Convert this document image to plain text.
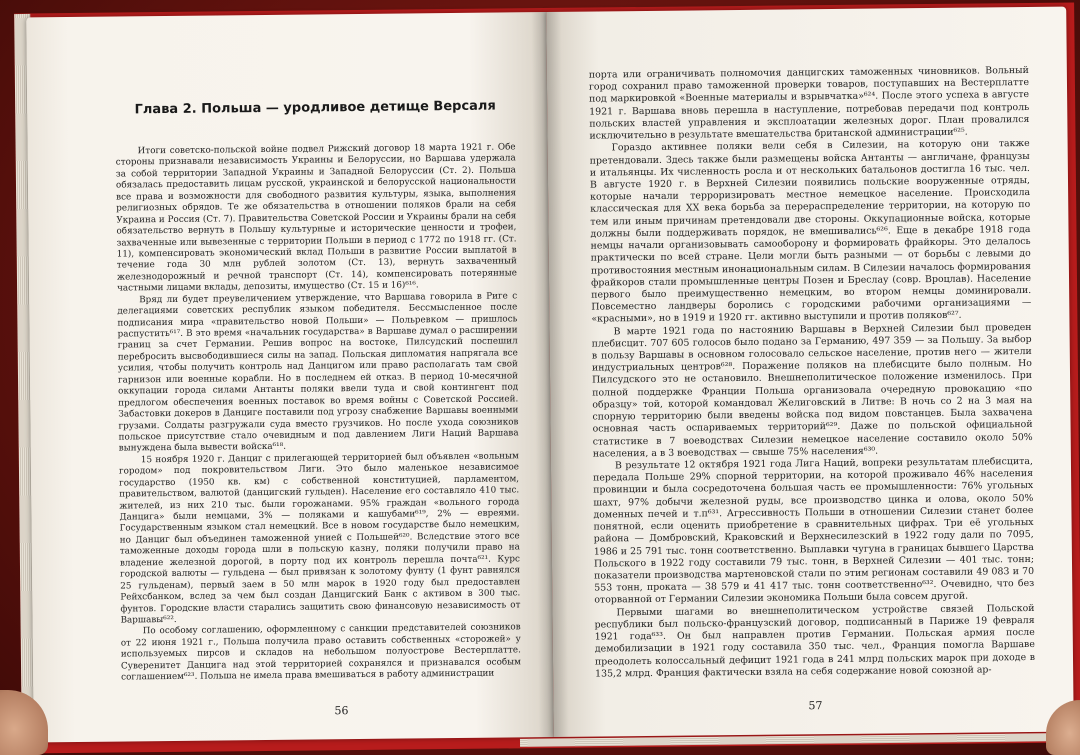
Глава 2. Польша — уродливое детище Версаля

Итоги советско-польской войне подвел Рижский договор 18 марта 1921 г. Обе стороны признавали независимость Украины и Белоруссии, но Варшава удержала за собой территории Западной Украины и Западной Белоруссии (Ст. 2). Польша обязалась предоставить лицам русской, украинской и белорусской национальности все права и возможности для свободного развития культуры, языка, выполнения религиозных обрядов. Те же обязательства в отношении поляков брали на себя Украина и Россия (Ст. 7). Правительства Советской России и Украины брали на себя обязательство вернуть в Польшу культурные и исторические ценности и трофеи, захваченные или вывезенные с территории Польши в период с 1772 по 1918 гг. (Ст. 11), компенсировать экономический вклад Польши в развитие России выплатой в течение года 30 млн рублей золотом (Ст. 13), вернуть захваченный железнодорожный и речной транспорт (Ст. 14), компенсировать потерянные частными лицами вклады, депозиты, имущество (Ст. 15 и 16)⁶¹⁶.

Вряд ли будет преувеличением утверждение, что Варшава говорила в Риге с делегациями советских республик языком победителя. Бессмысленное после подписания мира «правительство новой Польши» — Польревком — пришлось распустить⁶¹⁷. В это время «начальник государства» в Варшаве думал о расширении границ за счет Германии. Решив вопрос на востоке, Пилсудский поспешил перебросить высвободившиеся силы на запад. Польская дипломатия напрягала все усилия, чтобы получить контроль над Данцигом или право располагать там свой гарнизон или военные корабли. Но в последнем ей отказ. В период 10-месячной оккупации города силами Антанты поляки ввели туда и свой контингент под предлогом обеспечения военных поставок во время войны с Советской Россией. Забастовки докеров в Данциге поставили под угрозу снабжение Варшавы военными грузами. Солдаты разгружали суда вместо грузчиков. Но после ухода союзников польское присутствие стало очевидным и под давлением Лиги Наций Варшава вынуждена была вывести войска⁶¹⁸.

15 ноября 1920 г. Данциг с прилегающей территорией был объявлен «вольным городом» под покровительством Лиги. Это было маленькое независимое государство (1950 кв. км) с собственной конституцией, парламентом, правительством, валютой (данцигский гульден). Население его составляло 410 тыс. жителей, из них 210 тыс. были горожанами. 95% граждан «вольного города Данцига» были немцами, 3% — поляками и кашубами⁶¹⁹, 2% — евреями. Государственным языком стал немецкий. Все в новом государстве было немецким, но Данциг был объединен таможенной унией с Польшей⁶²⁰. Вследствие этого все таможенные доходы города шли в польскую казну, поляки получили право на владение железной дорогой, в порту под их контроль перешла почта⁶²¹. Курс городской валюты — гульдена — был привязан к золотому фунту (1 фунт равнялся 25 гульденам), первый заем в 50 млн марок в 1920 году был предоставлен Рейхсбанком, вслед за чем был создан Данцигский Банк с активом в 300 тыс. фунтов. Городские власти старались защитить свою финансовую независимость от Варшавы⁶²².

По особому соглашению, оформленному с санкции представителей союзников от 22 июня 1921 г., Польша получила право оставить собственных «сторожей» у используемых пирсов и складов на небольшом полуострове Вестерплатте. Суверенитет Данцига над этой территорией сохранялся и признавался особым соглашением⁶²³. Польша не имела права вмешиваться в работу администрации

56

порта или ограничивать полномочия данцигских таможенных чиновников. Вольный город сохранил право таможенной проверки товаров, поступавших на Вестерплатте под маркировкой «Военные материалы и взрывчатка»⁶²⁴. После этого успеха в августе 1921 г. Варшава вновь перешла в наступление, потребовав передачи под контроль польских властей управления и эксплоатации железных дорог. План провалился исключительно в результате вмешательства британской администрации⁶²⁵.

Гораздо активнее поляки вели себя в Силезии, на которую они также претендовали. Здесь также были размещены войска Антанты — англичане, французы и итальянцы. Их численность росла и от нескольких батальонов достигла 16 тыс. чел. В августе 1920 г. в Верхней Силезии появились польские вооруженные отряды, которые начали терроризировать местное немецкое население. Происходила классическая для XX века борьба за перераспределение территории, на которую по тем или иным причинам претендовали две стороны. Оккупационные войска, которые должны были поддерживать порядок, не вмешивались⁶²⁶. Еще в декабре 1918 года немцы начали организовывать самооборону и формировать фрайкоры. Это делалось практически по всей стране. Цели могли быть разными — от борьбы с левыми до противостояния местным инонациональным силам. В Силезии началось формирования фрайкоров стали промышленные центры Позен и Бреслау (совр. Вроцлав). Население первого было преимущественно немецким, во втором немцы доминировали. Повсеместно ландверы боролись с городскими рабочими организациями — «красными», но в 1919 и 1920 гг. активно выступили и против поляков⁶²⁷.

В марте 1921 года по настоянию Варшавы в Верхней Силезии был проведен плебисцит. 707 605 голосов было подано за Германию, 497 359 — за Польшу. За выбор в пользу Варшавы в основном голосовало сельское население, против него — жители индустриальных центров⁶²⁸. Поражение поляков на плебисците было полным. Но Пилсудского это не остановило. Внешнеполитическое положение изменилось. При полной поддержке Франции Польша организовала очередную провокацию «по образцу» той, которой командовал Желиговский в Литве: В ночь со 2 на 3 мая на спорную территорию были введены войска под видом повстанцев. Была захвачена основная часть оспариваемых территорий⁶²⁹. Даже по польской официальной статистике в 7 воеводствах Силезии немецкое население составило около 50% населения, а в 3 воеводствах — свыше 75% населения⁶³⁰.

В результате 12 октября 1921 года Лига Наций, вопреки результатам плебисцита, передала Польше 29% спорной территории, на которой проживало 46% населения провинции и была сосредоточена большая часть ее промышленности: 76% угольных шахт, 97% добычи железной руды, все производство цинка и олова, около 50% доменных печей и т.п⁶³¹. Агрессивность Польши в отношении Силезии станет более понятной, если оценить приобретение в сравнительных цифрах. Три её угольных района — Домбровский, Краковский и Верхнесилезский в 1922 году дали по 7095, 1986 и 25 791 тыс. тонн соответственно. Выплавки чугуна в границах бывшего Царства Польского в 1922 году составили 79 тыс. тонн, в Верхней Силезии — 401 тыс. тонн; показатели производства мартеновской стали по этим регионам составили 49 083 и 70 553 тонн, проката — 38 579 и 41 417 тыс. тонн соответственно⁶³². Очевидно, что без оторванной от Германии Силезии экономика Польши была совсем другой.

Первыми шагами во внешнеполитическом устройстве связей Польской республики был польско-французский договор, подписанный в Париже 19 февраля 1921 года⁶³³. Он был направлен против Германии. Польская армия после демобилизации в 1921 году составила 350 тыс. чел., Франция помогла Варшаве преодолеть колоссальный дефицит 1921 года в 241 млрд польских марок при доходе в 135,2 млрд. Франция фактически взяла на себя содержание новой союзной ар-

57
